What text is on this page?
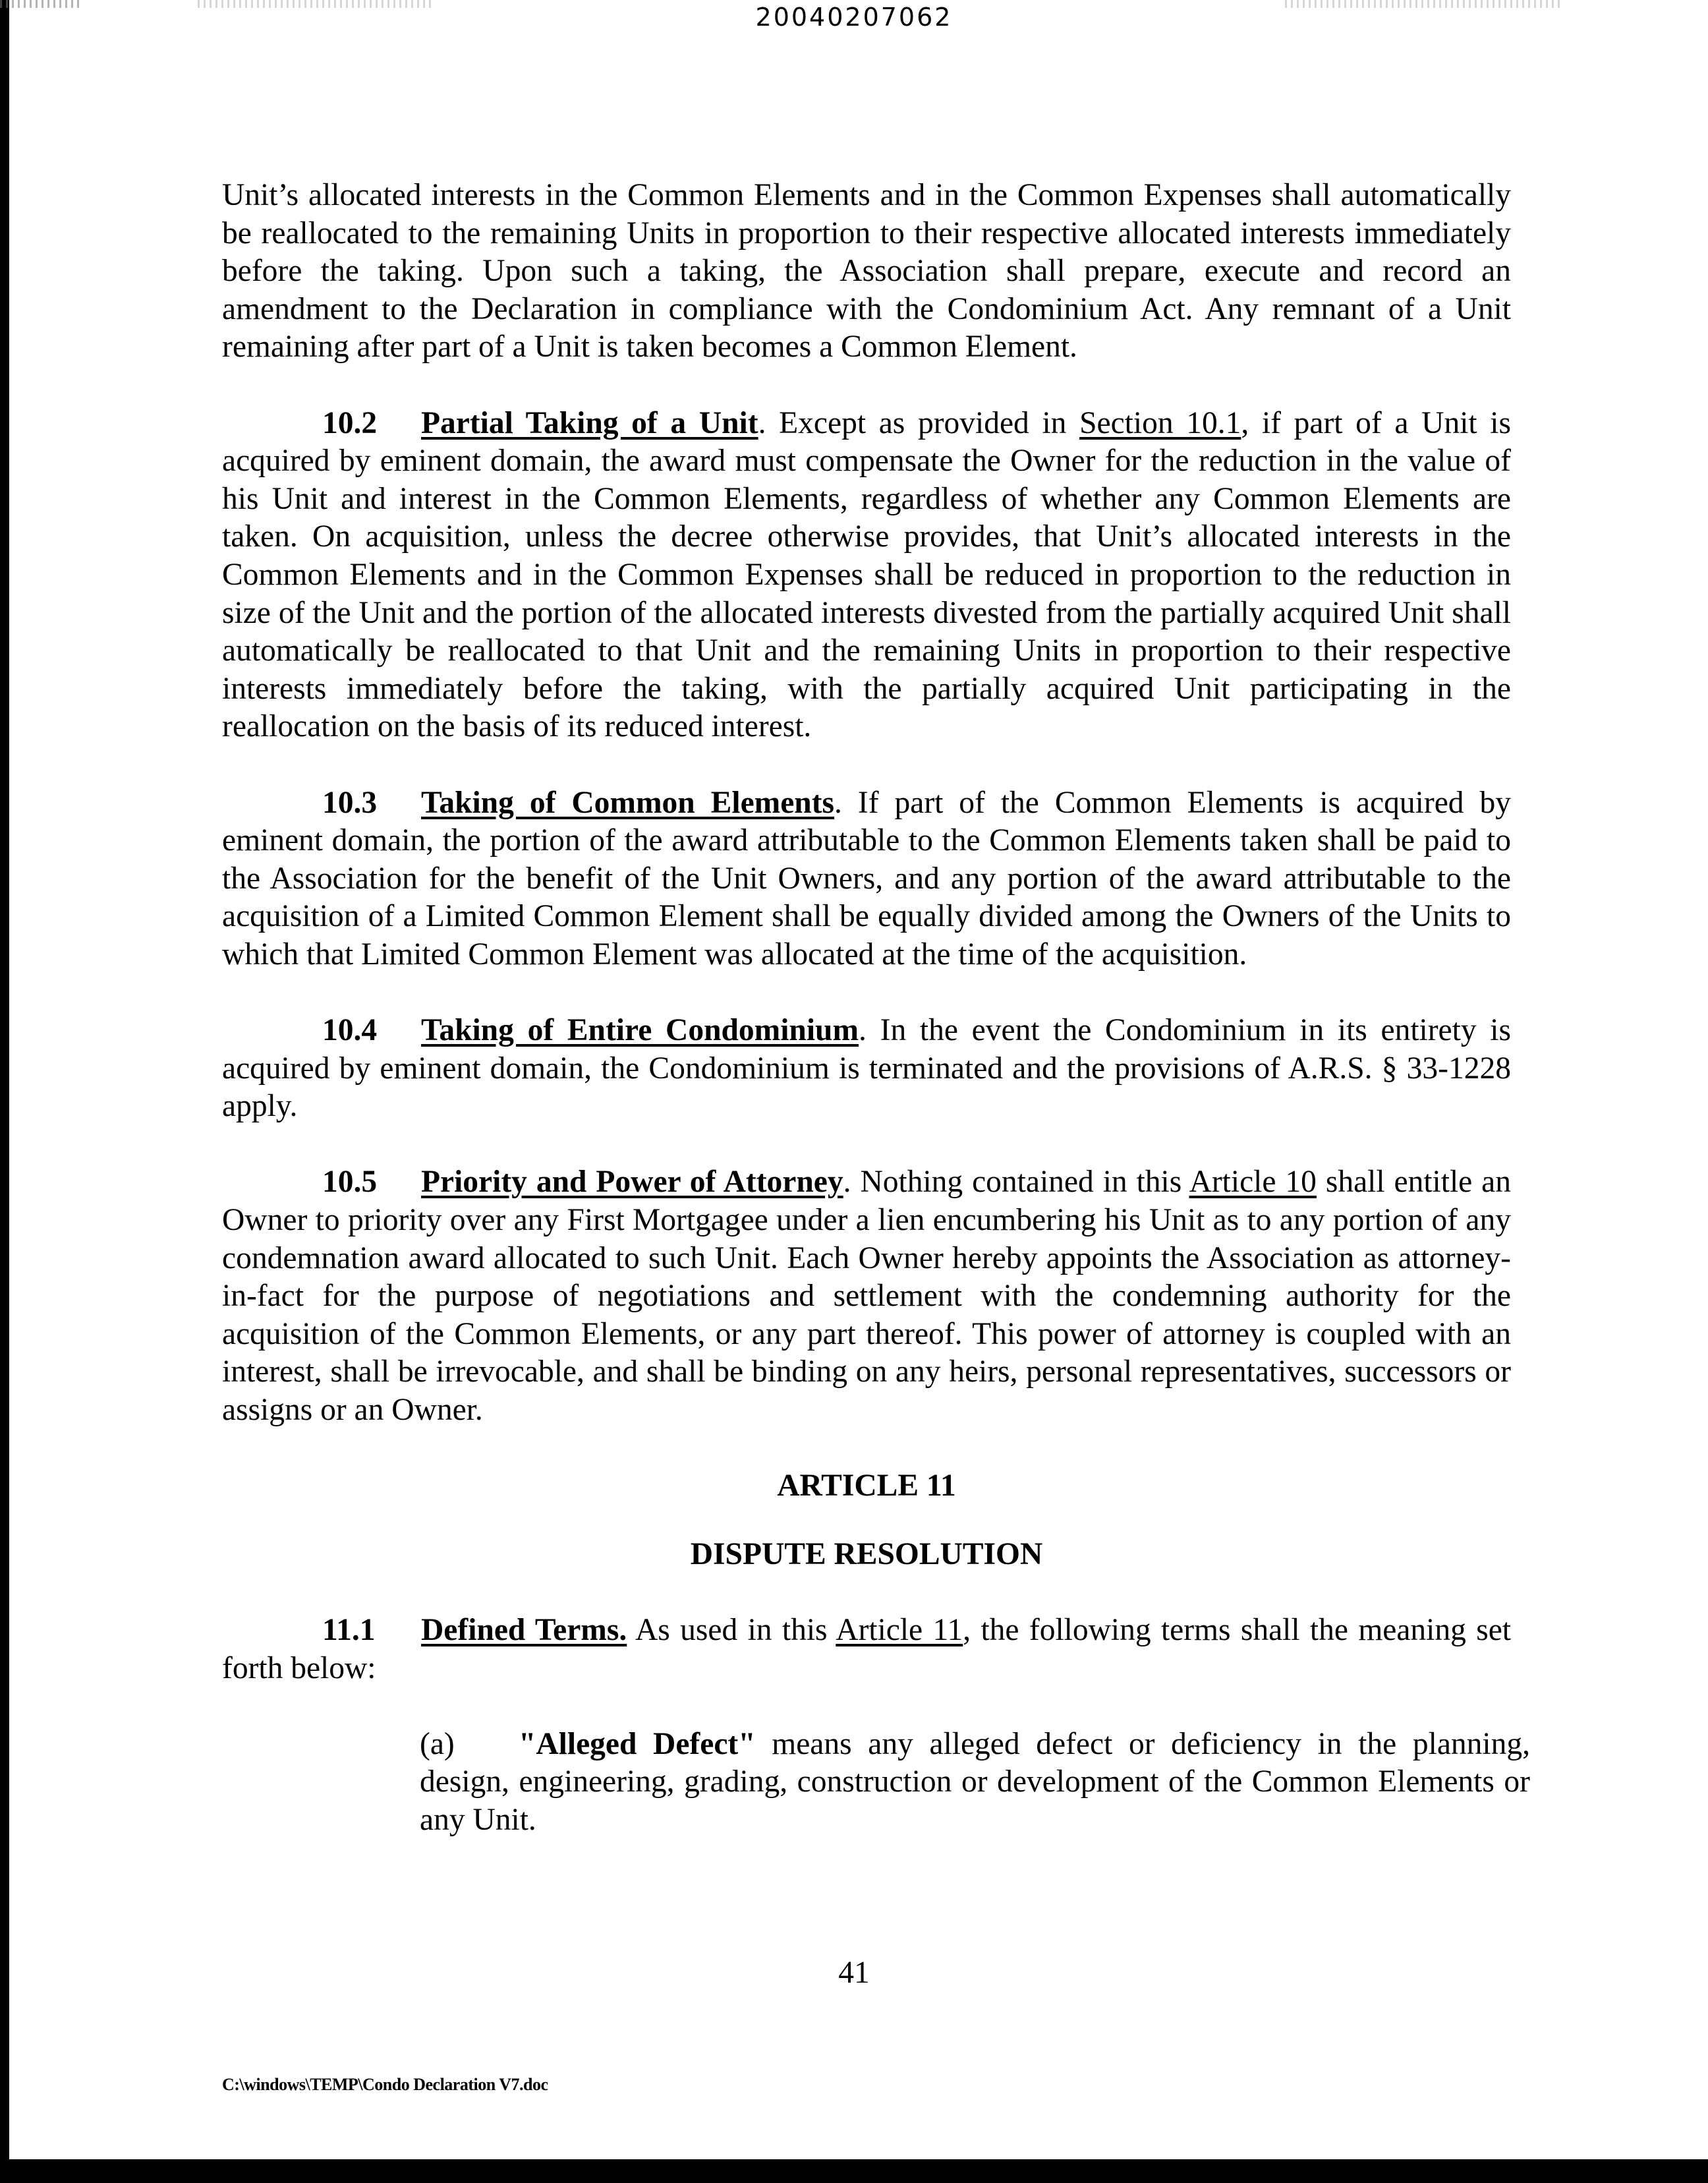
20040207062

Unit’s allocated interests in the Common Elements and in the Common Expenses shall automatically be reallocated to the remaining Units in proportion to their respective allocated interests immediately before the taking. Upon such a taking, the Association shall prepare, execute and record an amendment to the Declaration in compliance with the Condominium Act. Any remnant of a Unit remaining after part of a Unit is taken becomes a Common Element.

10.2 Partial Taking of a Unit. Except as provided in Section 10.1, if part of a Unit is acquired by eminent domain, the award must compensate the Owner for the reduction in the value of his Unit and interest in the Common Elements, regardless of whether any Common Elements are taken. On acquisition, unless the decree otherwise provides, that Unit’s allocated interests in the Common Elements and in the Common Expenses shall be reduced in proportion to the reduction in size of the Unit and the portion of the allocated interests divested from the partially acquired Unit shall automatically be reallocated to that Unit and the remaining Units in proportion to their respective interests immediately before the taking, with the partially acquired Unit participating in the reallocation on the basis of its reduced interest.

10.3 Taking of Common Elements. If part of the Common Elements is acquired by eminent domain, the portion of the award attributable to the Common Elements taken shall be paid to the Association for the benefit of the Unit Owners, and any portion of the award attributable to the acquisition of a Limited Common Element shall be equally divided among the Owners of the Units to which that Limited Common Element was allocated at the time of the acquisition.

10.4 Taking of Entire Condominium. In the event the Condominium in its entirety is acquired by eminent domain, the Condominium is terminated and the provisions of A.R.S. § 33-1228 apply.

10.5 Priority and Power of Attorney. Nothing contained in this Article 10 shall entitle an Owner to priority over any First Mortgagee under a lien encumbering his Unit as to any portion of any condemnation award allocated to such Unit. Each Owner hereby appoints the Association as attorney-in-fact for the purpose of negotiations and settlement with the condemning authority for the acquisition of the Common Elements, or any part thereof. This power of attorney is coupled with an interest, shall be irrevocable, and shall be binding on any heirs, personal representatives, successors or assigns or an Owner.

ARTICLE 11

DISPUTE RESOLUTION

11.1 Defined Terms. As used in this Article 11, the following terms shall the meaning set forth below:

(a) "Alleged Defect" means any alleged defect or deficiency in the planning, design, engineering, grading, construction or development of the Common Elements or any Unit.

41
C:\windows\TEMP\Condo Declaration V7.doc
